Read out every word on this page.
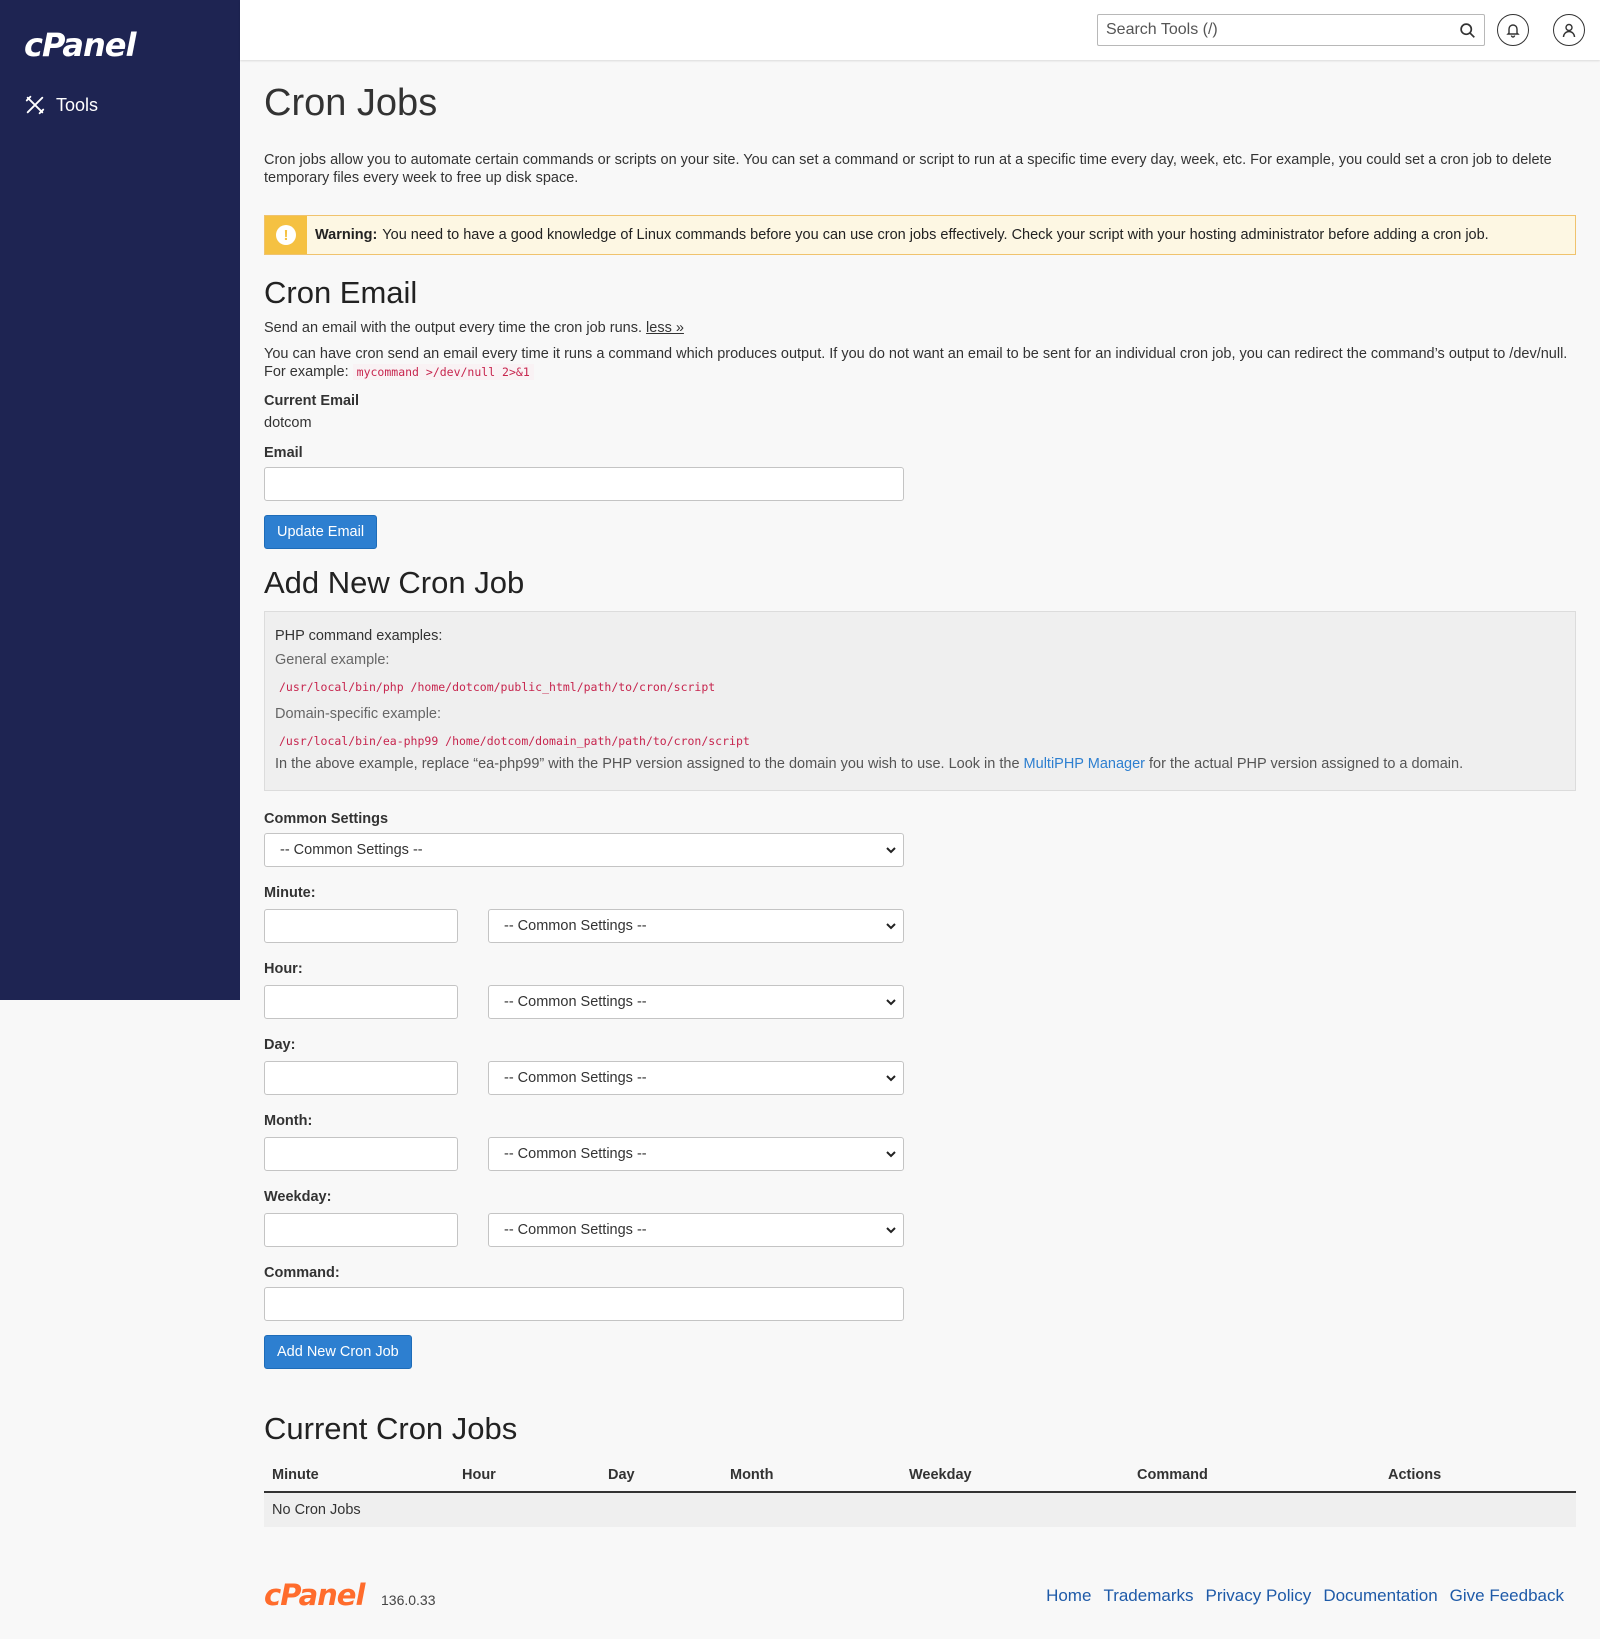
cPanel
Tools
Search Tools (/)	Cron Jobs

Cron jobs allow you to automate certain commands or scripts on your site. You can set a command or script to run at a specific time every day, week, etc. For example, you could set a cron job to delete temporary files every week to free up disk space.

!	Warning: You need to have a good knowledge of Linux commands before you can use cron jobs effectively. Check your script with your hosting administrator before adding a cron job.
Cron Email

Send an email with the output every time the cron job runs. less »

You can have cron send an email every time it runs a command which produces output. If you do not want an email to be sent for an individual cron job, you can redirect the command’s output to /dev/null. For example: mycommand >/dev/null 2>&1

Current Email
dotcom
Email
Update Email
Add New Cron Job
PHP command examples:
General example:
/usr/local/bin/php /home/dotcom/public_html/path/to/cron/script
Domain-specific example:
/usr/local/bin/ea-php99 /home/dotcom/domain_path/path/to/cron/script
In the above example, replace “ea-php99” with the PHP version assigned to the domain you wish to use. Look in the MultiPHP Manager for the actual PHP version assigned to a domain.
Common Settings
-- Common Settings --
Minute:
-- Common Settings --
Hour:
-- Common Settings --
Day:
-- Common Settings --
Month:
-- Common Settings --
Weekday:
-- Common Settings --
Command:
Add New Cron Job
Current Cron Jobs
Minute	Hour	Day	Month	Weekday	Command	Actions
No Cron Jobs
cPanel 136.0.33	Home Trademarks Privacy Policy Documentation Give Feedback
